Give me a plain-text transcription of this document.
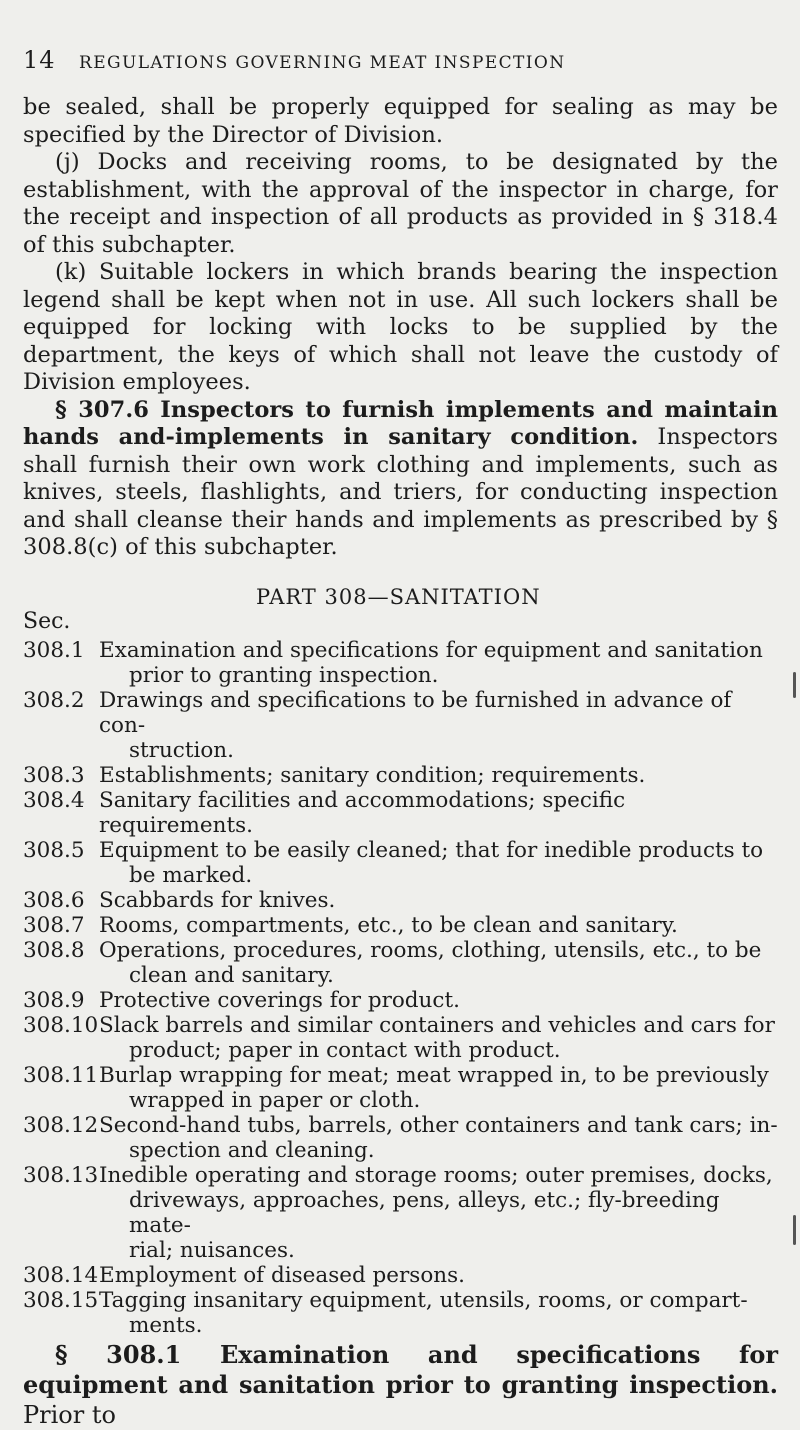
14	REGULATIONS GOVERNING MEAT INSPECTION

be sealed, shall be properly equipped for sealing as may be specified by the Director of Division.

(j) Docks and receiving rooms, to be designated by the establishment, with the approval of the inspector in charge, for the receipt and inspection of all products as provided in § 318.4 of this subchapter.

(k) Suitable lockers in which brands bearing the inspection legend shall be kept when not in use. All such lockers shall be equipped for locking with locks to be supplied by the department, the keys of which shall not leave the custody of Division employees.

§ 307.6 Inspectors to furnish implements and maintain hands and-implements in sanitary condition. Inspectors shall furnish their own work clothing and implements, such as knives, steels, flashlights, and triers, for conducting inspection and shall cleanse their hands and implements as prescribed by § 308.8(c) of this subchapter.

PART 308—SANITATION
Sec.
308.1 Examination and specifications for equipment and sanitation
prior to granting inspection.
308.2 Drawings and specifications to be furnished in advance of con-
struction.
308.3 Establishments; sanitary condition; requirements.
308.4 Sanitary facilities and accommodations; specific requirements.
308.5 Equipment to be easily cleaned; that for inedible products to
be marked.
308.6 Scabbards for knives.
308.7 Rooms, compartments, etc., to be clean and sanitary.
308.8 Operations, procedures, rooms, clothing, utensils, etc., to be
clean and sanitary.
308.9 Protective coverings for product.
308.10 Slack barrels and similar containers and vehicles and cars for
product; paper in contact with product.
308.11 Burlap wrapping for meat; meat wrapped in, to be previously
wrapped in paper or cloth.
308.12 Second-hand tubs, barrels, other containers and tank cars; in-
spection and cleaning.
308.13 Inedible operating and storage rooms; outer premises, docks,
driveways, approaches, pens, alleys, etc.; fly-breeding mate-
rial; nuisances.
308.14 Employment of diseased persons.
308.15 Tagging insanitary equipment, utensils, rooms, or compart-
ments.

§ 308.1 Examination and specifications for equipment and sanitation prior to granting inspection. Prior to
